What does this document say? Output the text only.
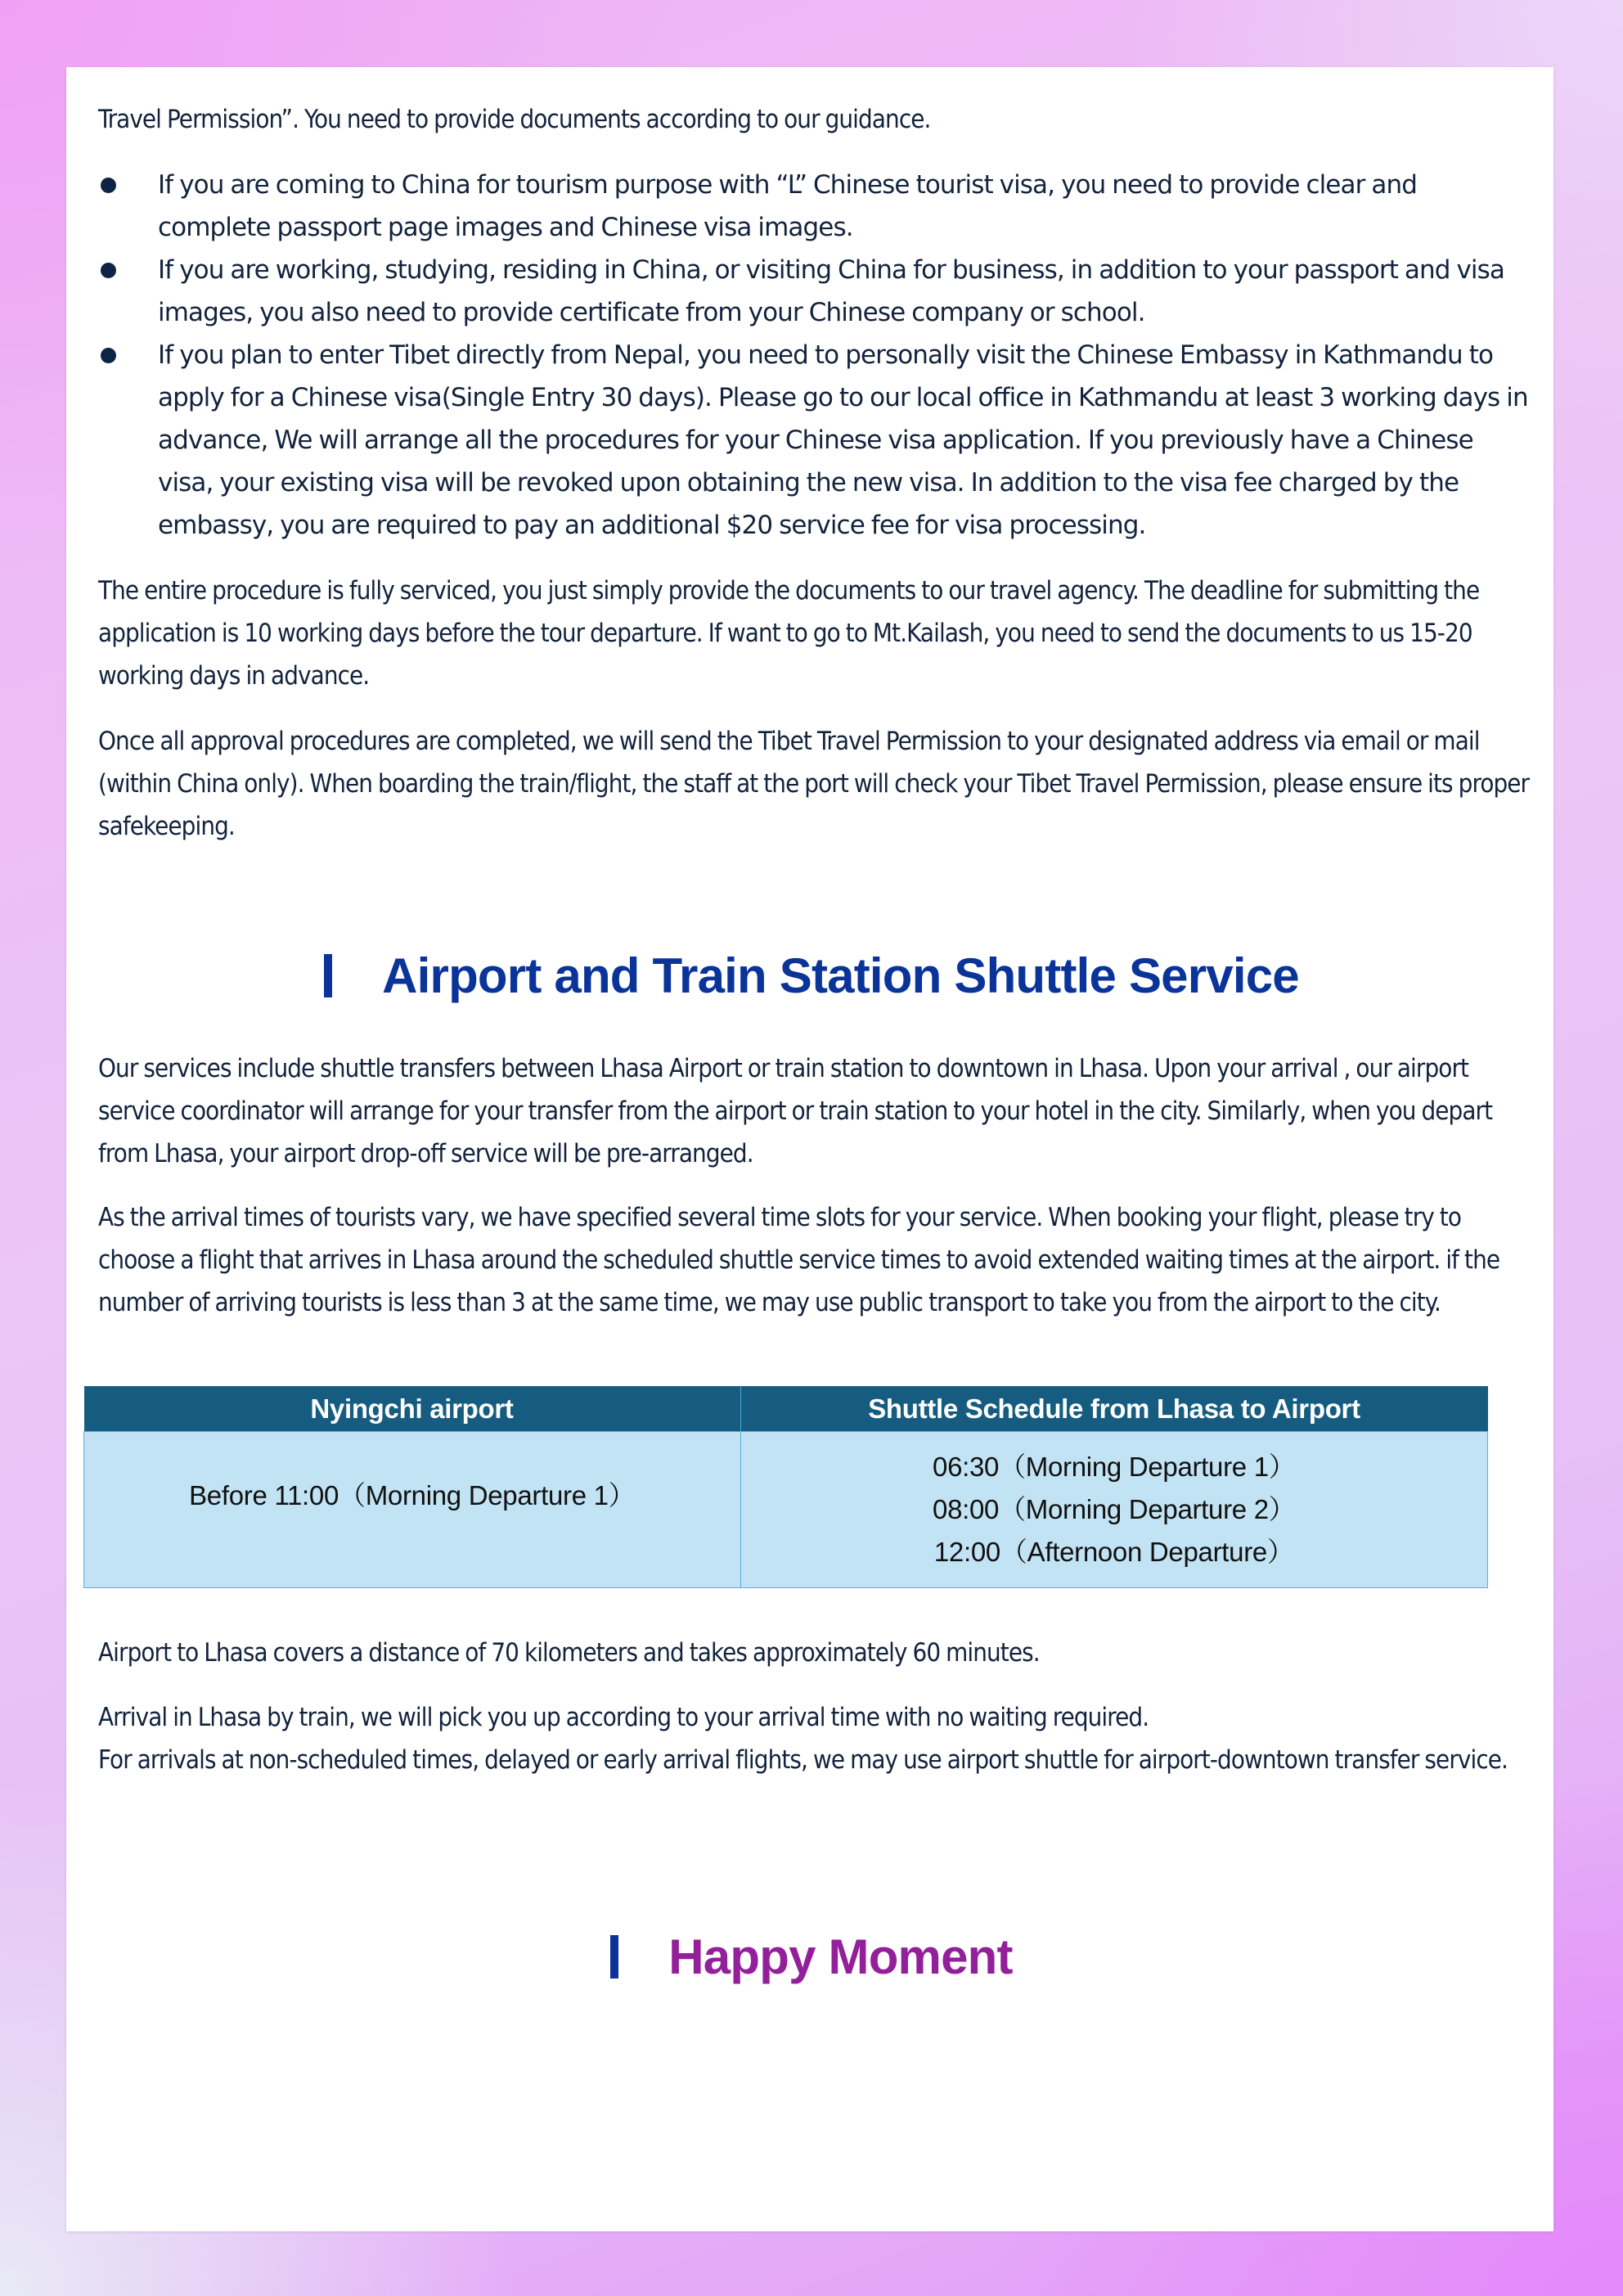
Travel Permission”. You need to provide documents according to our guidance.
If you are coming to China for tourism purpose with “L” Chinese tourist visa, you need to provide clear and complete passport page images and Chinese visa images.
If you are working, studying, residing in China, or visiting China for business, in addition to your passport and visa images, you also need to provide certificate from your Chinese company or school.
If you plan to enter Tibet directly from Nepal, you need to personally visit the Chinese Embassy in Kathmandu to apply for a Chinese visa(Single Entry 30 days). Please go to our local office in Kathmandu at least 3 working days in advance, We will arrange all the procedures for your Chinese visa application. If you previously have a Chinese visa, your existing visa will be revoked upon obtaining the new visa. In addition to the visa fee charged by the embassy, you are required to pay an additional $20 service fee for visa processing.
The entire procedure is fully serviced, you just simply provide the documents to our travel agency. The deadline for submitting the application is 10 working days before the tour departure. If want to go to Mt.Kailash, you need to send the documents to us 15-20 working days in advance.
Once all approval procedures are completed, we will send the Tibet Travel Permission to your designated address via email or mail (within China only). When boarding the train/flight, the staff at the port will check your Tibet Travel Permission, please ensure its proper safekeeping.
Airport and Train Station Shuttle Service
Our services include shuttle transfers between Lhasa Airport or train station to downtown in Lhasa. Upon your arrival , our airport service coordinator will arrange for your transfer from the airport or train station to your hotel in the city. Similarly, when you depart from Lhasa, your airport drop-off service will be pre-arranged.
As the arrival times of tourists vary, we have specified several time slots for your service. When booking your flight, please try to choose a flight that arrives in Lhasa around the scheduled shuttle service times to avoid extended waiting times at the airport. if the number of arriving tourists is less than 3 at the same time, we may use public transport to take you from the airport to the city.
Nyingchi airport	Shuttle Schedule from Lhasa to Airport
Before 11:00（Morning Departure 1）	06:30（Morning Departure 1）
08:00（Morning Departure 2）
12:00（Afternoon Departure）
Airport to Lhasa covers a distance of 70 kilometers and takes approximately 60 minutes.
Arrival in Lhasa by train, we will pick you up according to your arrival time with no waiting required.
For arrivals at non-scheduled times, delayed or early arrival flights, we may use airport shuttle for airport-downtown transfer service.
Happy Moment
